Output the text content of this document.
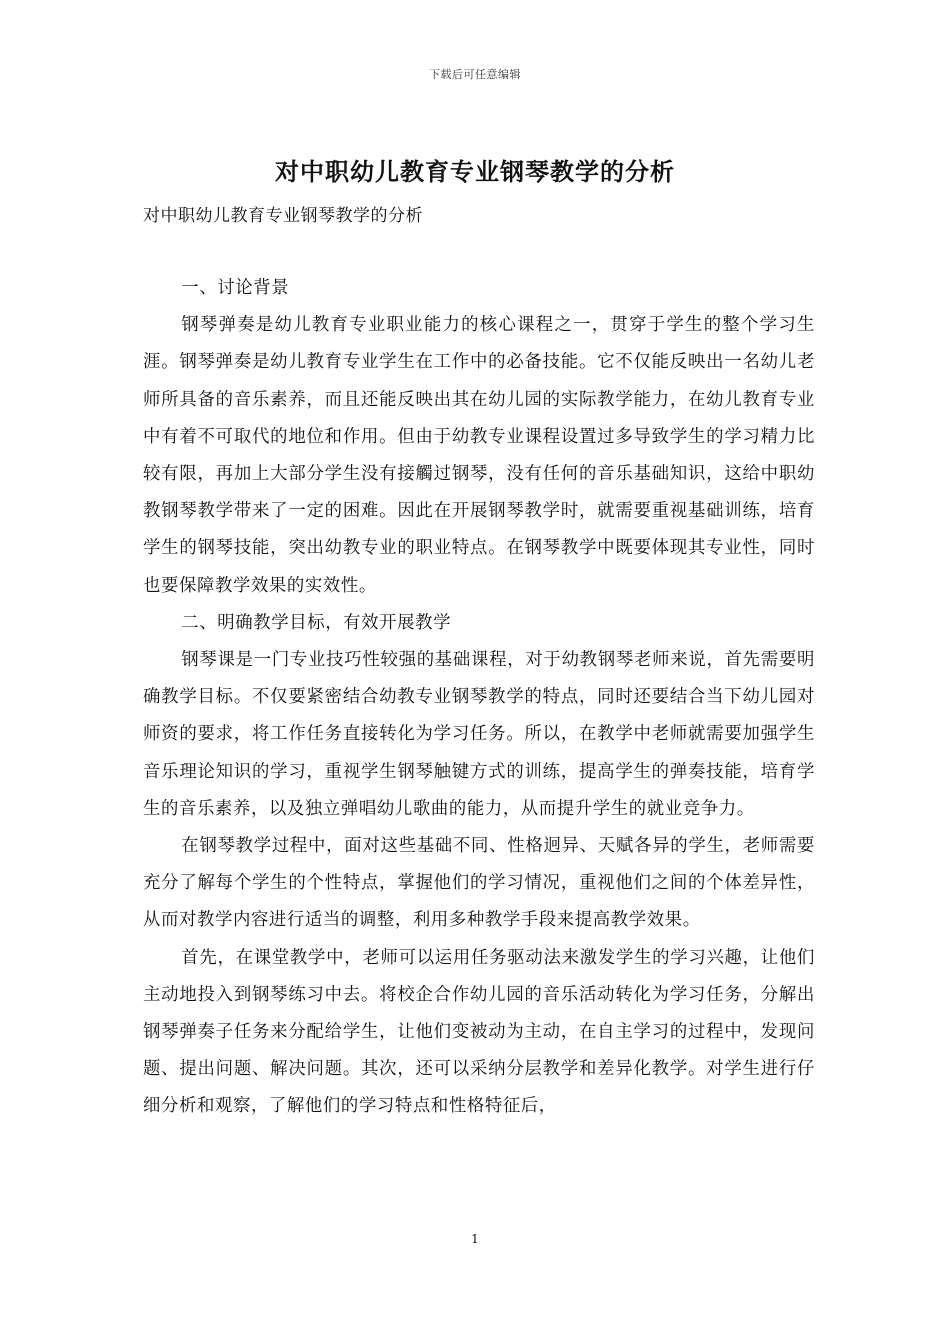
下载后可任意编辑
对中职幼儿教育专业钢琴教学的分析
对中职幼儿教育专业钢琴教学的分析

一、讨论背景

钢琴弹奏是幼儿教育专业职业能力的核心课程之一，贯穿于学生的整个学习生涯。钢琴弹奏是幼儿教育专业学生在工作中的必备技能。它不仅能反映出一名幼儿老师所具备的音乐素养，而且还能反映出其在幼儿园的实际教学能力，在幼儿教育专业中有着不可取代的地位和作用。但由于幼教专业课程设置过多导致学生的学习精力比较有限，再加上大部分学生没有接觸过钢琴，没有任何的音乐基础知识，这给中职幼教钢琴教学带来了一定的困难。因此在开展钢琴教学时，就需要重视基础训练，培育学生的钢琴技能，突出幼教专业的职业特点。在钢琴教学中既要体现其专业性，同时也要保障教学效果的实效性。

二、明确教学目标，有效开展教学

钢琴课是一门专业技巧性较强的基础课程，对于幼教钢琴老师来说，首先需要明确教学目标。不仅要紧密结合幼教专业钢琴教学的特点，同时还要结合当下幼儿园对师资的要求，将工作任务直接转化为学习任务。所以，在教学中老师就需要加强学生音乐理论知识的学习，重视学生钢琴触键方式的训练，提高学生的弹奏技能，培育学生的音乐素养，以及独立弹唱幼儿歌曲的能力，从而提升学生的就业竞争力。

在钢琴教学过程中，面对这些基础不同、性格迥异、天赋各异的学生，老师需要充分了解每个学生的个性特点，掌握他们的学习情况，重视他们之间的个体差异性，从而对教学内容进行适当的调整，利用多种教学手段来提高教学效果。

首先，在课堂教学中，老师可以运用任务驱动法来激发学生的学习兴趣，让他们主动地投入到钢琴练习中去。将校企合作幼儿园的音乐活动转化为学习任务，分解出钢琴弹奏子任务来分配给学生，让他们变被动为主动，在自主学习的过程中，发现问题、提出问题、解决问题。其次，还可以采纳分层教学和差异化教学。对学生进行仔细分析和观察，了解他们的学习特点和性格特征后，

1
